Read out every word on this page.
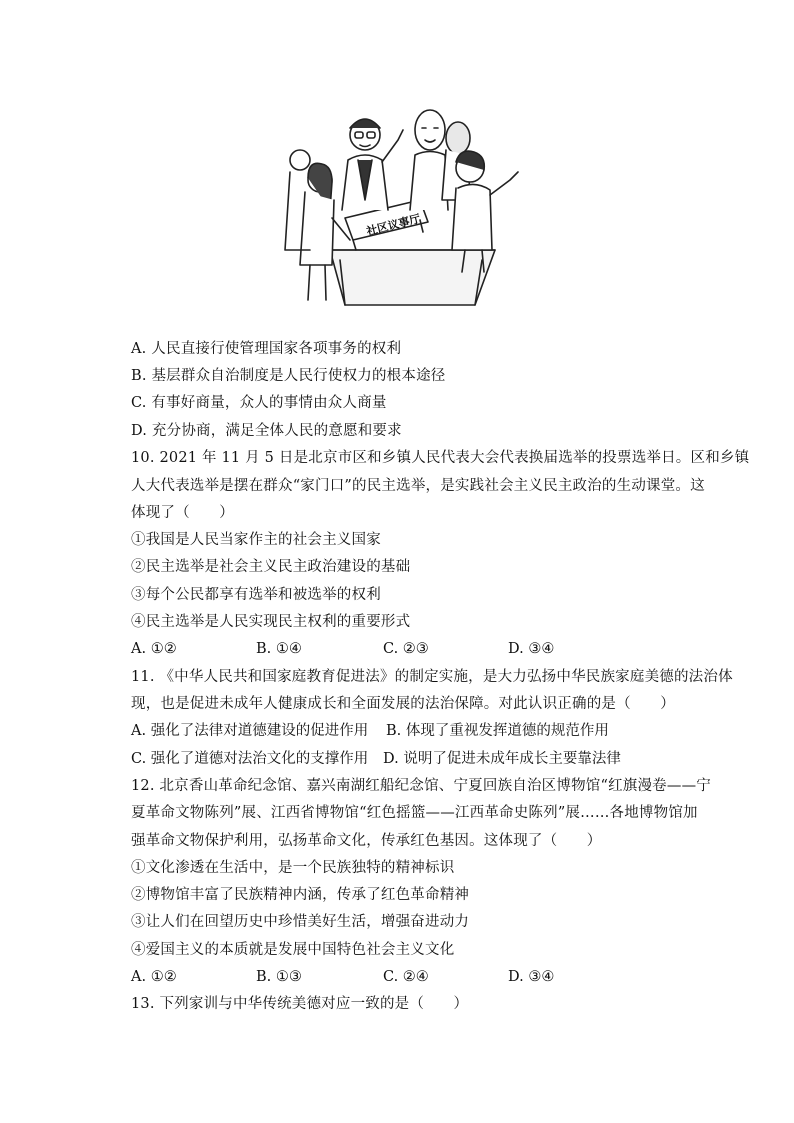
社区议事厅
A. 人民直接行使管理国家各项事务的权利
B. 基层群众自治制度是人民行使权力的根本途径
C. 有事好商量，众人的事情由众人商量
D. 充分协商，满足全体人民的意愿和要求
10. 2021 年 11 月 5 日是北京市区和乡镇人民代表大会代表换届选举的投票选举日。区和乡镇
人大代表选举是摆在群众“家门口”的民主选举，是实践社会主义民主政治的生动课堂。这
体现了（　　）
①我国是人民当家作主的社会主义国家
②民主选举是社会主义民主政治建设的基础
③每个公民都享有选举和被选举的权利
④民主选举是人民实现民主权利的重要形式
A. ①②	B. ①④	C. ②③	D. ③④
11. 《中华人民共和国家庭教育促进法》的制定实施，是大力弘扬中华民族家庭美德的法治体
现，也是促进未成年人健康成长和全面发展的法治保障。对此认识正确的是（　　）
A. 强化了法律对道德建设的促进作用 B. 体现了重视发挥道德的规范作用
C. 强化了道德对法治文化的支撑作用 D. 说明了促进未成年成长主要靠法律
12. 北京香山革命纪念馆、嘉兴南湖红船纪念馆、宁夏回族自治区博物馆“红旗漫卷——宁
夏革命文物陈列”展、江西省博物馆“红色摇篮——江西革命史陈列”展……各地博物馆加
强革命文物保护利用，弘扬革命文化，传承红色基因。这体现了（　　）
①文化渗透在生活中，是一个民族独特的精神标识
②博物馆丰富了民族精神内涵，传承了红色革命精神
③让人们在回望历史中珍惜美好生活，增强奋进动力
④爱国主义的本质就是发展中国特色社会主义文化
A. ①②	B. ①③	C. ②④	D. ③④
13. 下列家训与中华传统美德对应一致的是（　　）
